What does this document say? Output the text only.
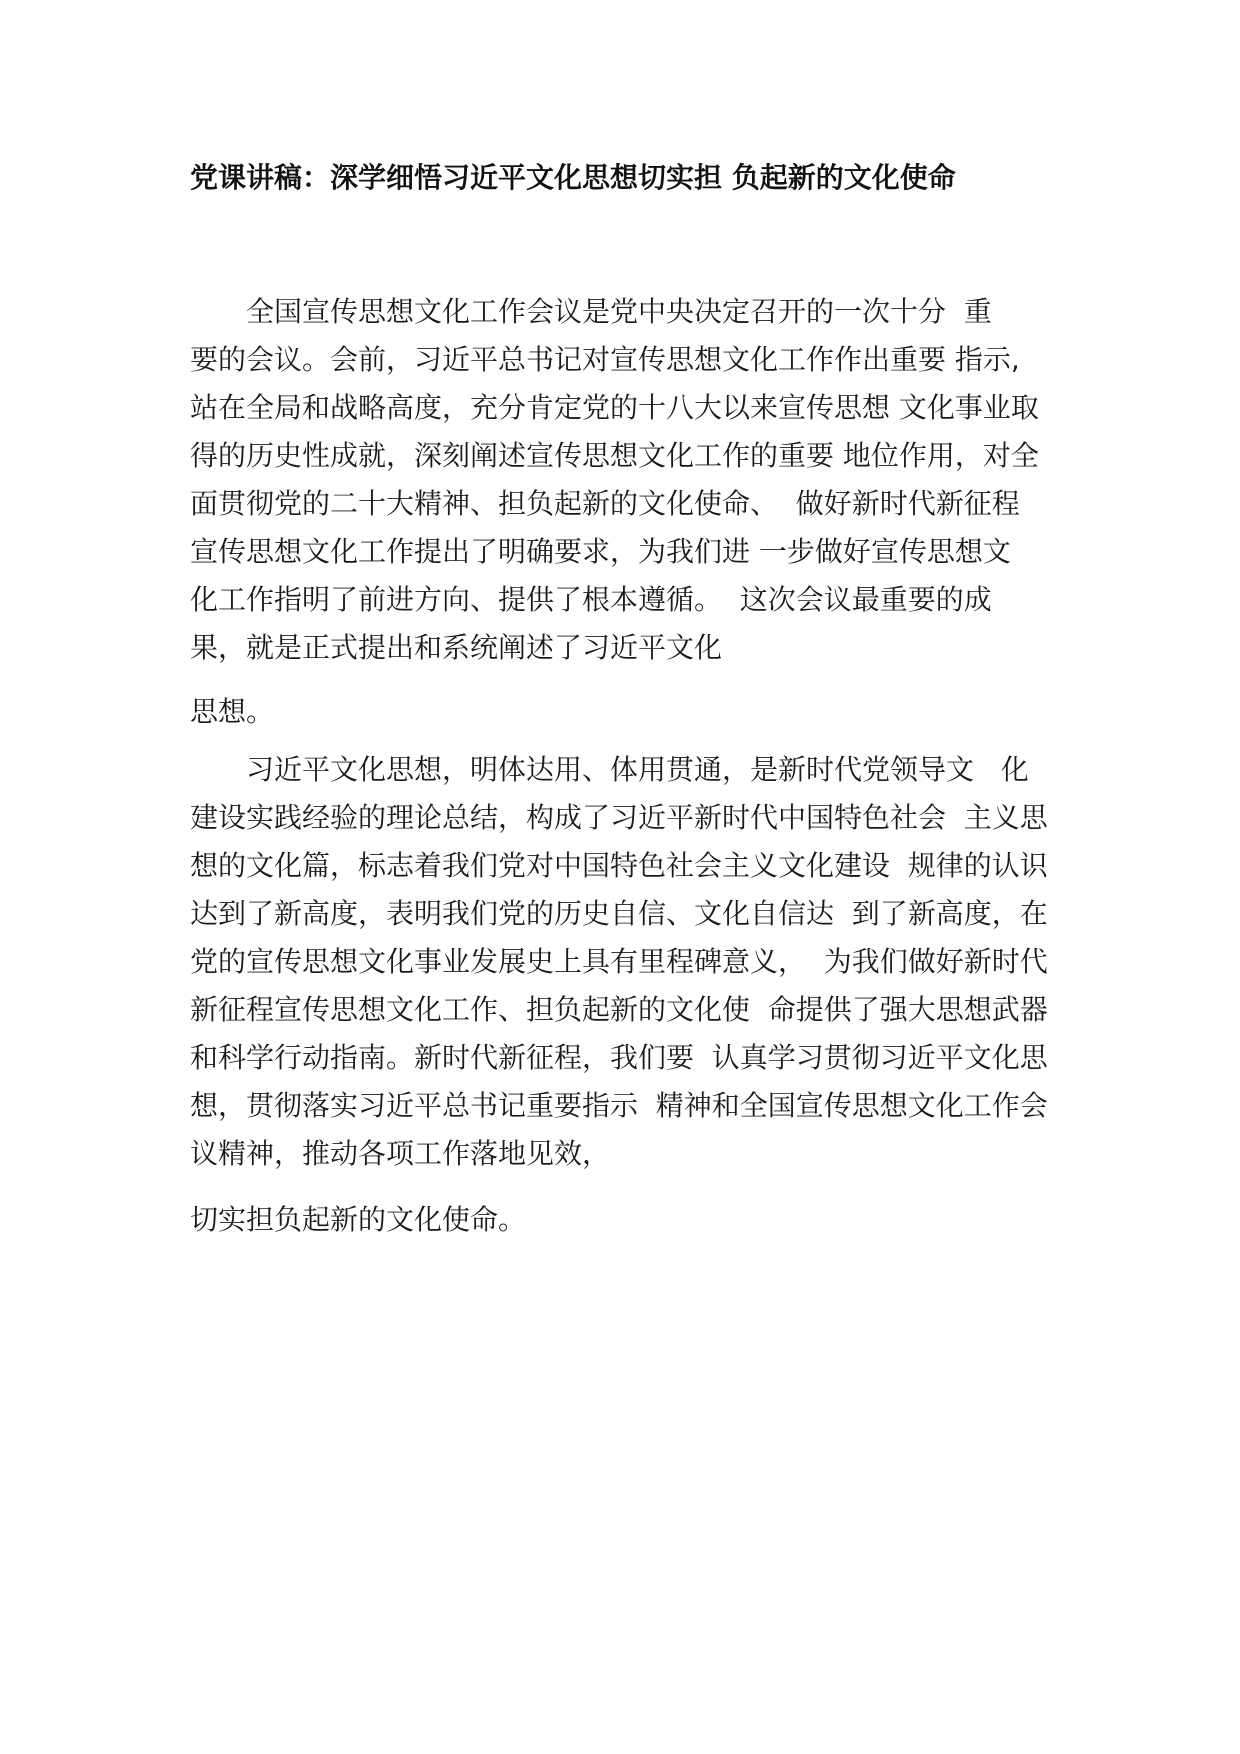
党课讲稿：深学细悟习近平文化思想切实担 负起新的文化使命
　　全国宣传思想文化工作会议是党中央决定召开的一次十分  重
要的会议。会前，习近平总书记对宣传思想文化工作作出重要 指示,
站在全局和战略高度，充分肯定党的十八大以来宣传思想 文化事业取
得的历史性成就，深刻阐述宣传思想文化工作的重要 地位作用，对全
面贯彻党的二十大精神、担负起新的文化使命、  做好新时代新征程
宣传思想文化工作提出了明确要求，为我们进 一步做好宣传思想文
化工作指明了前进方向、提供了根本遵循。  这次会议最重要的成
果，就是正式提出和系统阐述了习近平文化
思想。
　　习近平文化思想，明体达用、体用贯通，是新时代党领导文   化
建设实践经验的理论总结，构成了习近平新时代中国特色社会  主义思
想的文化篇，标志着我们党对中国特色社会主义文化建设  规律的认识
达到了新高度，表明我们党的历史自信、文化自信达  到了新高度，在
党的宣传思想文化事业发展史上具有里程碑意义，  为我们做好新时代
新征程宣传思想文化工作、担负起新的文化使  命提供了强大思想武器
和科学行动指南。新时代新征程，我们要  认真学习贯彻习近平文化思
想，贯彻落实习近平总书记重要指示  精神和全国宣传思想文化工作会
议精神，推动各项工作落地见效，
切实担负起新的文化使命。
